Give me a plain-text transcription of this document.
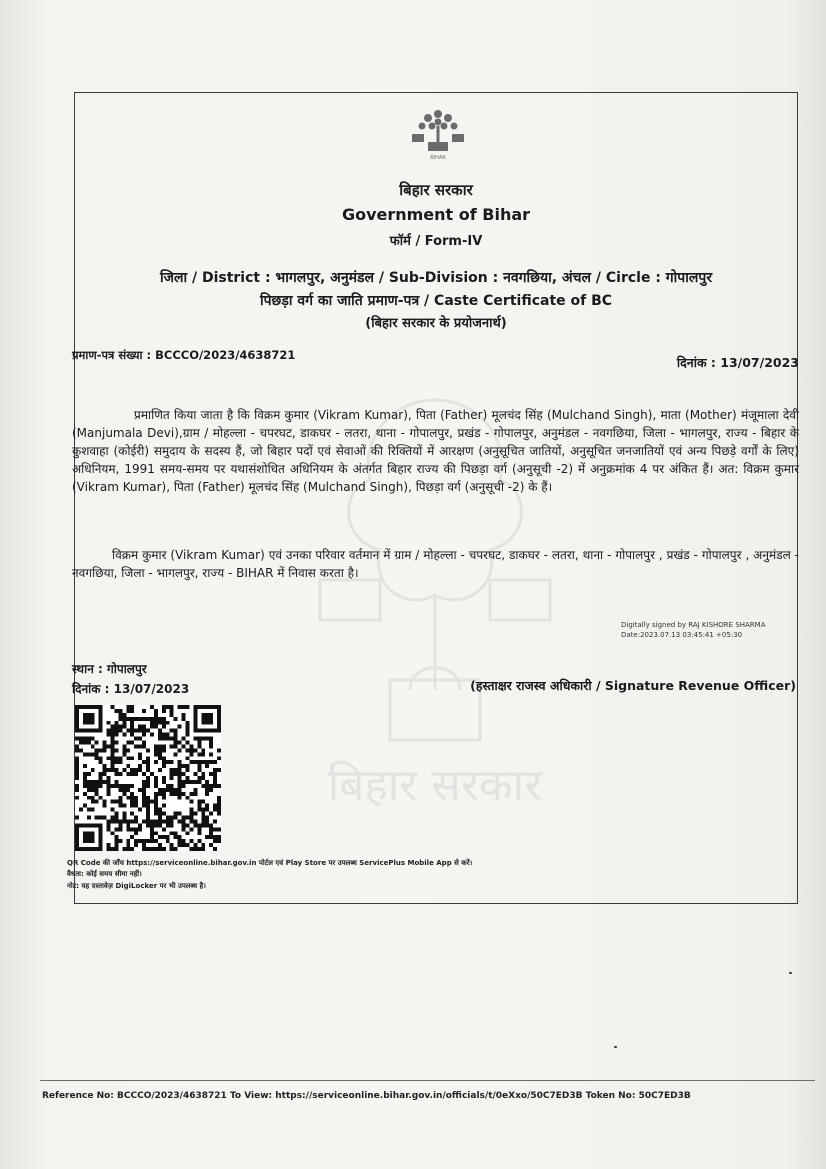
बिहार सरकार
BIHAR
बिहार सरकार
Government of Bihar
फॉर्म / Form-IV
जिला / District : भागलपुर, अनुमंडल / Sub-Division : नवगछिया, अंचल / Circle : गोपालपुर
पिछड़ा वर्ग का जाति प्रमाण-पत्र / Caste Certificate of BC
(बिहार सरकार के प्रयोजनार्थ)
प्रमाण-पत्र संख्या : BCCCO/2023/4638721	दिनांक : 13/07/2023

प्रमाणित किया जाता है कि विक्रम कुमार (Vikram Kumar), पिता (Father) मूलचंद सिंह (Mulchand Singh), माता (Mother) मंजूमाला देवी (Manjumala Devi),ग्राम / मोहल्ला - चपरघट, डाकघर - लतरा, थाना - गोपालपुर, प्रखंड - गोपालपुर, अनुमंडल - नवगछिया, जिला - भागलपुर, राज्य - बिहार के कुशवाहा (कोईरी) समुदाय के सदस्य हैं, जो बिहार पदों एवं सेवाओं की रिक्तियों में आरक्षण (अनुसूचित जातियों, अनुसूचित जनजातियों एवं अन्य पिछड़े वर्गों के लिए) अधिनियम, 1991 समय-समय पर यथासंशोधित अधिनियम के अंतर्गत बिहार राज्य की पिछड़ा वर्ग (अनुसूची -2) में अनुक्रमांक 4 पर अंकित हैं। अत: विक्रम कुमार (Vikram Kumar), पिता (Father) मूलचंद सिंह (Mulchand Singh), पिछड़ा वर्ग (अनुसूची -2) के हैं।

विक्रम कुमार (Vikram Kumar) एवं उनका परिवार वर्तमान में ग्राम / मोहल्ला - चपरघट, डाकघर - लतरा, थाना - गोपालपुर , प्रखंड - गोपालपुर , अनुमंडल - नवगछिया, जिला - भागलपुर, राज्य - BIHAR में निवास करता है।

Digitally signed by RAJ KISHORE SHARMA
Date:2023.07.13 03:45:41 +05:30
स्थान : गोपालपुर
दिनांक : 13/07/2023	(हस्ताक्षर राजस्व अधिकारी / Signature Revenue Officer)
QR Code की जाँच https://serviceonline.bihar.gov.in पोर्टल एवं Play Store पर उपलब्ध ServicePlus Mobile App से करें।
वैधता: कोई समय सीमा नहीं।
नोट: यह दस्तावेज़ DigiLocker पर भी उपलब्ध है।
Reference No: BCCCO/2023/4638721 To View: https://serviceonline.bihar.gov.in/officials/t/0eXxo/50C7ED3B Token No: 50C7ED3B
